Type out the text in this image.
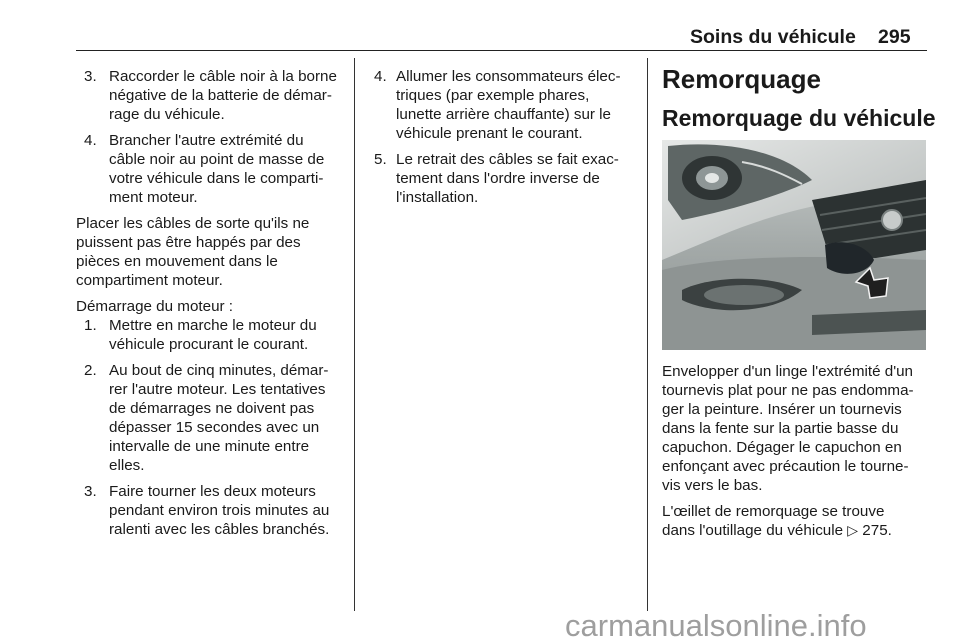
Soins du véhicule 295
3. Raccorder le câble noir à la borne
négative de la batterie de démar-
rage du véhicule.
4. Brancher l'autre extrémité du
câble noir au point de masse de
votre véhicule dans le comparti-
ment moteur.

Placer les câbles de sorte qu'ils ne
puissent pas être happés par des
pièces en mouvement dans le
compartiment moteur.

Démarrage du moteur :

1. Mettre en marche le moteur du
véhicule procurant le courant.
2. Au bout de cinq minutes, démar-
rer l'autre moteur. Les tentatives
de démarrages ne doivent pas
dépasser 15 secondes avec un
intervalle de une minute entre
elles.
3. Faire tourner les deux moteurs
pendant environ trois minutes au
ralenti avec les câbles branchés.
4. Allumer les consommateurs élec-
triques (par exemple phares,
lunette arrière chauffante) sur le
véhicule prenant le courant.
5. Le retrait des câbles se fait exac-
tement dans l'ordre inverse de
l'installation.
Remorquage
Remorquage du véhicule

Envelopper d'un linge l'extrémité d'un
tournevis plat pour ne pas endomma-
ger la peinture. Insérer un tournevis
dans la fente sur la partie basse du
capuchon. Dégager le capuchon en
enfonçant avec précaution le tourne-
vis vers le bas.

L'œillet de remorquage se trouve
dans l'outillage du véhicule ▷ 275.

carmanualsonline.info
